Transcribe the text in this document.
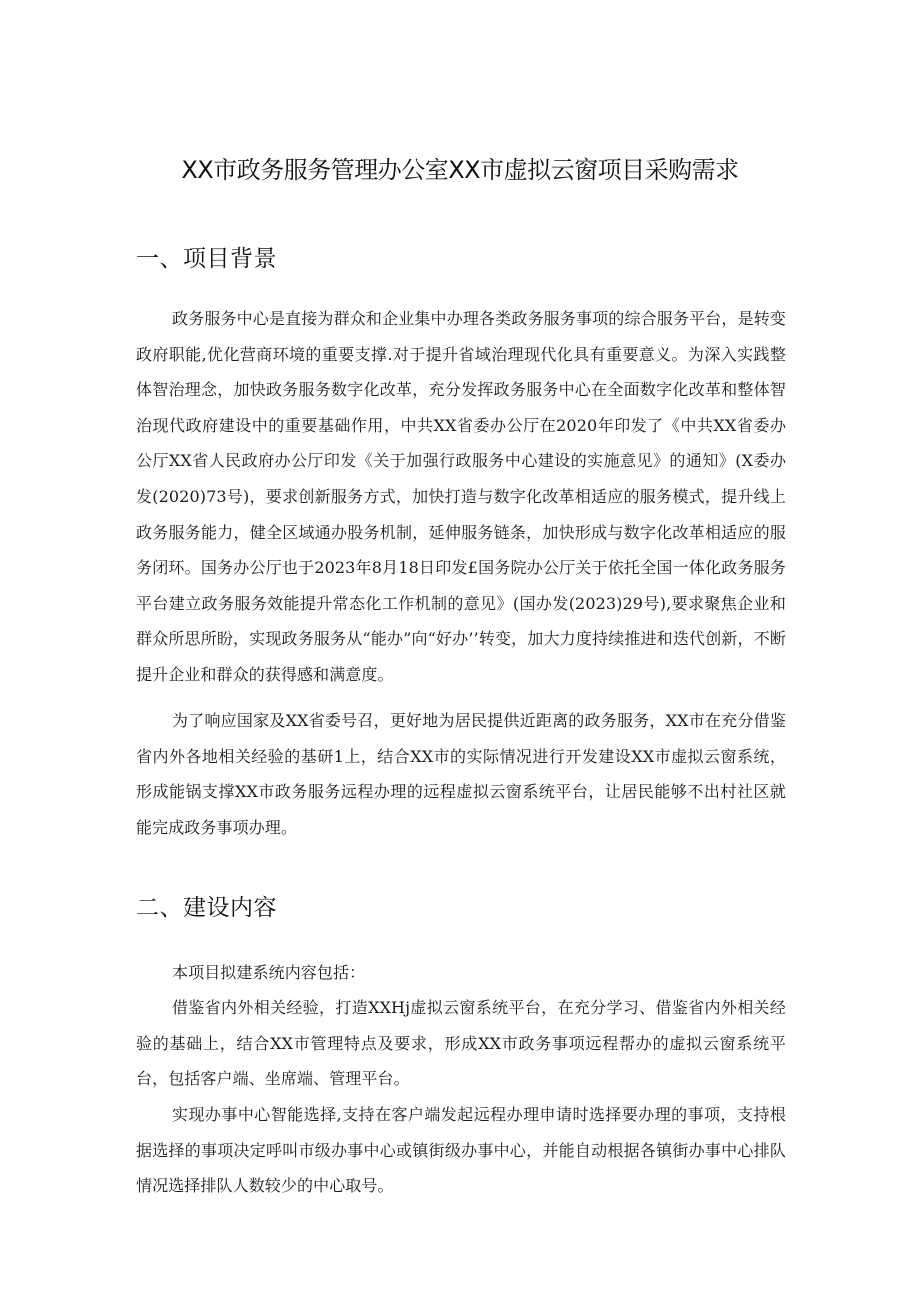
XX市政务服务管理办公室XX市虚拟云窗项目采购需求
一、项目背景

政务服务中心是直接为群众和企业集中办理各类政务服务事项的综合服务平台，是转变政府职能,优化营商环境的重要支撑.对于提升省域治理现代化具有重要意义。为深入实践整体智治理念，加快政务服务数字化改革，充分发挥政务服务中心在全面数字化改革和整体智治现代政府建设中的重要基础作用，中共XX省委办公厅在2020年印发了《中共XX省委办公厅XX省人民政府办公厅印发《关于加强行政服务中心建设的实施意见》的通知》(X委办发(2020)73号)，要求创新服务方式，加快打造与数字化改革相适应的服务模式，提升线上政务服务能力，健全区域通办股务机制，延伸服务链条，加快形成与数字化改革相适应的服务闭环。国务办公厅也于2023年8月18日印发£国务院办公厅关于依托全国一体化政务服务平台建立政务服务效能提升常态化工作机制的意见》(国办发(2023)29号),要求聚焦企业和群众所思所盼，实现政务服务从“能办”向“好办’’转变，加大力度持续推进和迭代创新，不断提升企业和群众的获得感和满意度。

为了响应国家及XX省委号召，更好地为居民提供近距离的政务服务，XX市在充分借鉴省内外各地相关经验的基研1上，结合XX市的实际情况进行开发建设XX市虚拟云窗系统，形成能锅支撑XX市政务服务远程办理的远程虚拟云窗系统平台，让居民能够不出村社区就能完成政务事项办理。

二、建设内容

本项目拟建系统内容包括：

借鉴省内外相关经验，打造XXHj虚拟云窗系统平台，在充分学习、借鉴省内外相关经验的基础上，结合XX市管理特点及要求，形成XX市政务事项远程帮办的虚拟云窗系统平台，包括客户端、坐席端、管理平台。

实现办事中心智能选择,支持在客户端发起远程办理申请时选择要办理的事项，支持根据选择的事项决定呼叫市级办事中心或镇街级办事中心，并能自动根据各镇街办事中心排队情况选择排队人数较少的中心取号。
